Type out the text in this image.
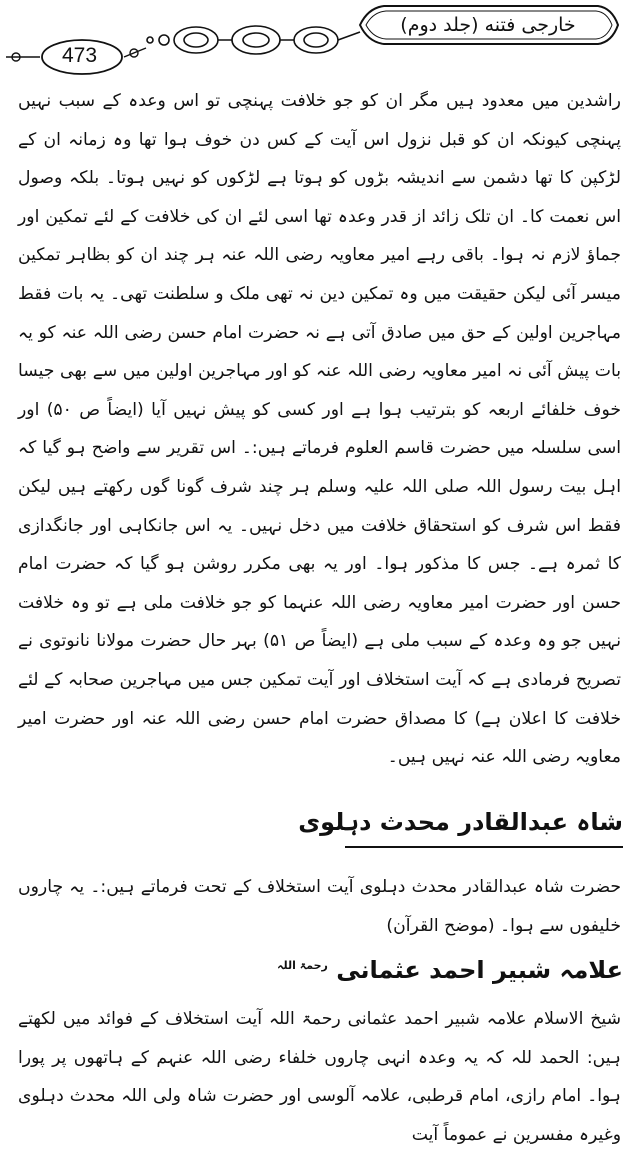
473
خارجی فتنه (جلد دوم)

راشدین میں معدود ہیں مگر ان کو جو خلافت پہنچی تو اس وعدہ کے سبب نہیں پہنچی کیونکہ ان کو قبل نزول اس آیت کے کس دن خوف ہوا تھا وہ زمانہ ان کے لڑکپن کا تھا دشمن سے اندیشہ بڑوں کو ہوتا ہے لڑکوں کو نہیں ہوتا۔ بلکہ وصول اس نعمت کا۔ ان تلک زائد از قدر وعدہ تھا اسی لئے ان کی خلافت کے لئے تمکین اور جماؤ لازم نہ ہوا۔ باقی رہے امیر معاویہ رضی اللہ عنہ ہر چند ان کو بظاہر تمکین میسر آئی لیکن حقیقت میں وہ تمکین دین نہ تھی ملک و سلطنت تھی۔ یہ بات فقط مہاجرین اولین کے حق میں صادق آتی ہے نہ حضرت امام حسن رضی اللہ عنہ کو یہ بات پیش آئی نہ امیر معاویہ رضی اللہ عنہ کو اور مہاجرین اولین میں سے بھی جیسا خوف خلفائے اربعہ کو بترتیب ہوا ہے اور کسی کو پیش نہیں آیا (ایضاً ص ۵۰) اور اسی سلسلہ میں حضرت قاسم العلوم فرماتے ہیں:۔ اس تقریر سے واضح ہو گیا کہ اہل بیت رسول اللہ صلی اللہ علیہ وسلم ہر چند شرف گونا گوں رکھتے ہیں لیکن فقط اس شرف کو استحقاق خلافت میں دخل نہیں۔ یہ اس جانکاہی اور جانگدازی کا ثمرہ ہے۔ جس کا مذکور ہوا۔ اور یہ بھی مکرر روشن ہو گیا کہ حضرت امام حسن اور حضرت امیر معاویہ رضی اللہ عنہما کو جو خلافت ملی ہے تو وہ خلافت نہیں جو وہ وعدہ کے سبب ملی ہے (ایضاً ص ۵۱) بہر حال حضرت مولانا نانوتوی نے تصریح فرمادی ہے کہ آیت استخلاف اور آیت تمکین جس میں مہاجرین صحابہ کے لئے خلافت کا اعلان ہے) کا مصداق حضرت امام حسن رضی اللہ عنہ اور حضرت امیر معاویہ رضی اللہ عنہ نہیں ہیں۔

شاہ عبدالقادر محدث دہلوی

حضرت شاہ عبدالقادر محدث دہلوی آیت استخلاف کے تحت فرماتے ہیں:۔ یہ چاروں خلیفوں سے ہوا۔ (موضح القرآن)

علامہ شبیر احمد عثمانی $^{رحمۃ اللہ}$

شیخ الاسلام علامہ شبیر احمد عثمانی رحمۃ اللہ آیت استخلاف کے فوائد میں لکھتے ہیں: الحمد للہ کہ یہ وعدہ انہی چاروں خلفاء رضی اللہ عنہم کے ہاتھوں پر پورا ہوا۔ امام رازی، امام قرطبی، علامہ آلوسی اور حضرت شاہ ولی اللہ محدث دہلوی وغیرہ مفسرین نے عموماً آیت
